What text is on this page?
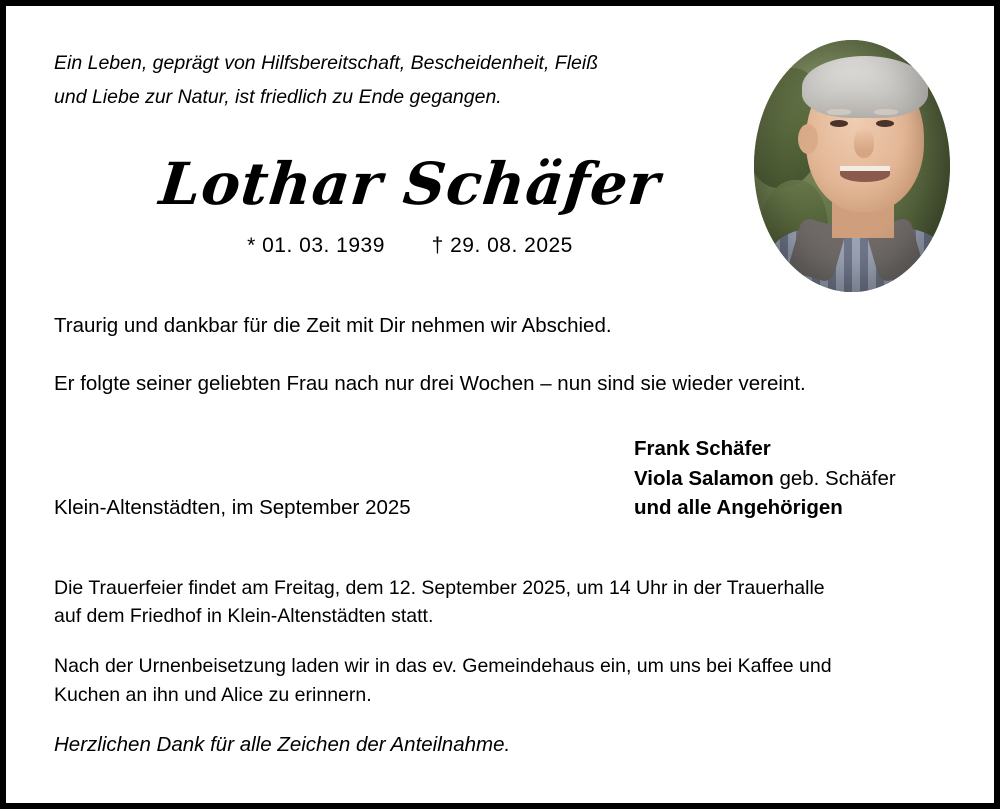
Ein Leben, geprägt von Hilfsbereitschaft, Bescheidenheit, Fleiß
und Liebe zur Natur, ist friedlich zu Ende gegangen.
Lothar Schäfer
* 01. 03. 1939 † 29. 08. 2025

Traurig und dankbar für die Zeit mit Dir nehmen wir Abschied.

Er folgte seiner geliebten Frau nach nur drei Wochen – nun sind sie wieder vereint.

Klein-Altenstädten, im September 2025
Frank Schäfer
Viola Salamon geb. Schäfer
und alle Angehörigen
Die Trauerfeier findet am Freitag, dem 12. September 2025, um 14 Uhr in der Trauerhalle
auf dem Friedhof in Klein-Altenstädten statt.
Nach der Urnenbeisetzung laden wir in das ev. Gemeindehaus ein, um uns bei Kaffee und
Kuchen an ihn und Alice zu erinnern.
Herzlichen Dank für alle Zeichen der Anteilnahme.
